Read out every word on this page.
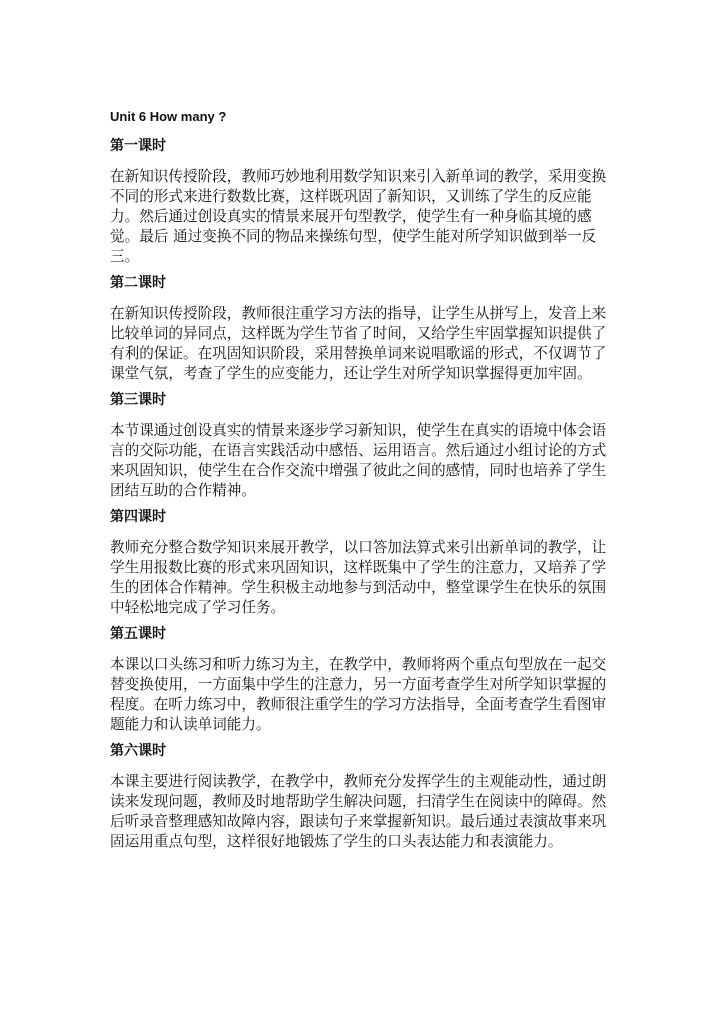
Unit 6 How many ?
第一课时
在新知识传授阶段，教师巧妙地利用数学知识来引入新单词的教学，采用变换
不同的形式来进行数数比赛，这样既巩固了新知识，又训练了学生的反应能
力。然后通过创设真实的情景来展开句型教学，使学生有一种身临其境的感
觉。最后 通过变换不同的物品来操练句型，使学生能对所学知识做到举一反
三。
第二课时
在新知识传授阶段，教师很注重学习方法的指导，让学生从拼写上，发音上来
比较单词的异同点，这样既为学生节省了时间，又给学生牢固掌握知识提供了
有利的保证。在巩固知识阶段，采用替换单词来说唱歌谣的形式，不仅调节了
课堂气氛，考查了学生的应变能力，还让学生对所学知识掌握得更加牢固。
第三课时
本节课通过创设真实的情景来逐步学习新知识，使学生在真实的语境中体会语
言的交际功能，在语言实践活动中感悟、运用语言。然后通过小组讨论的方式
来巩固知识，使学生在合作交流中增强了彼此之间的感情，同时也培养了学生
团结互助的合作精神。
第四课时
教师充分整合数学知识来展开教学，以口答加法算式来引出新单词的教学，让
学生用报数比赛的形式来巩固知识，这样既集中了学生的注意力，又培养了学
生的团体合作精神。学生积极主动地参与到活动中，整堂课学生在快乐的氛围
中轻松地完成了学习任务。
第五课时
本课以口头练习和听力练习为主，在教学中，教师将两个重点句型放在一起交
替变换使用，一方面集中学生的注意力，另一方面考查学生对所学知识掌握的
程度。在听力练习中，教师很注重学生的学习方法指导，全面考查学生看图审
题能力和认读单词能力。
第六课时
本课主要进行阅读教学，在教学中，教师充分发挥学生的主观能动性，通过朗
读来发现问题，教师及时地帮助学生解决问题，扫清学生在阅读中的障碍。然
后听录音整理感知故障内容，跟读句子来掌握新知识。最后通过表演故事来巩
固运用重点句型，这样很好地锻炼了学生的口头表达能力和表演能力。
